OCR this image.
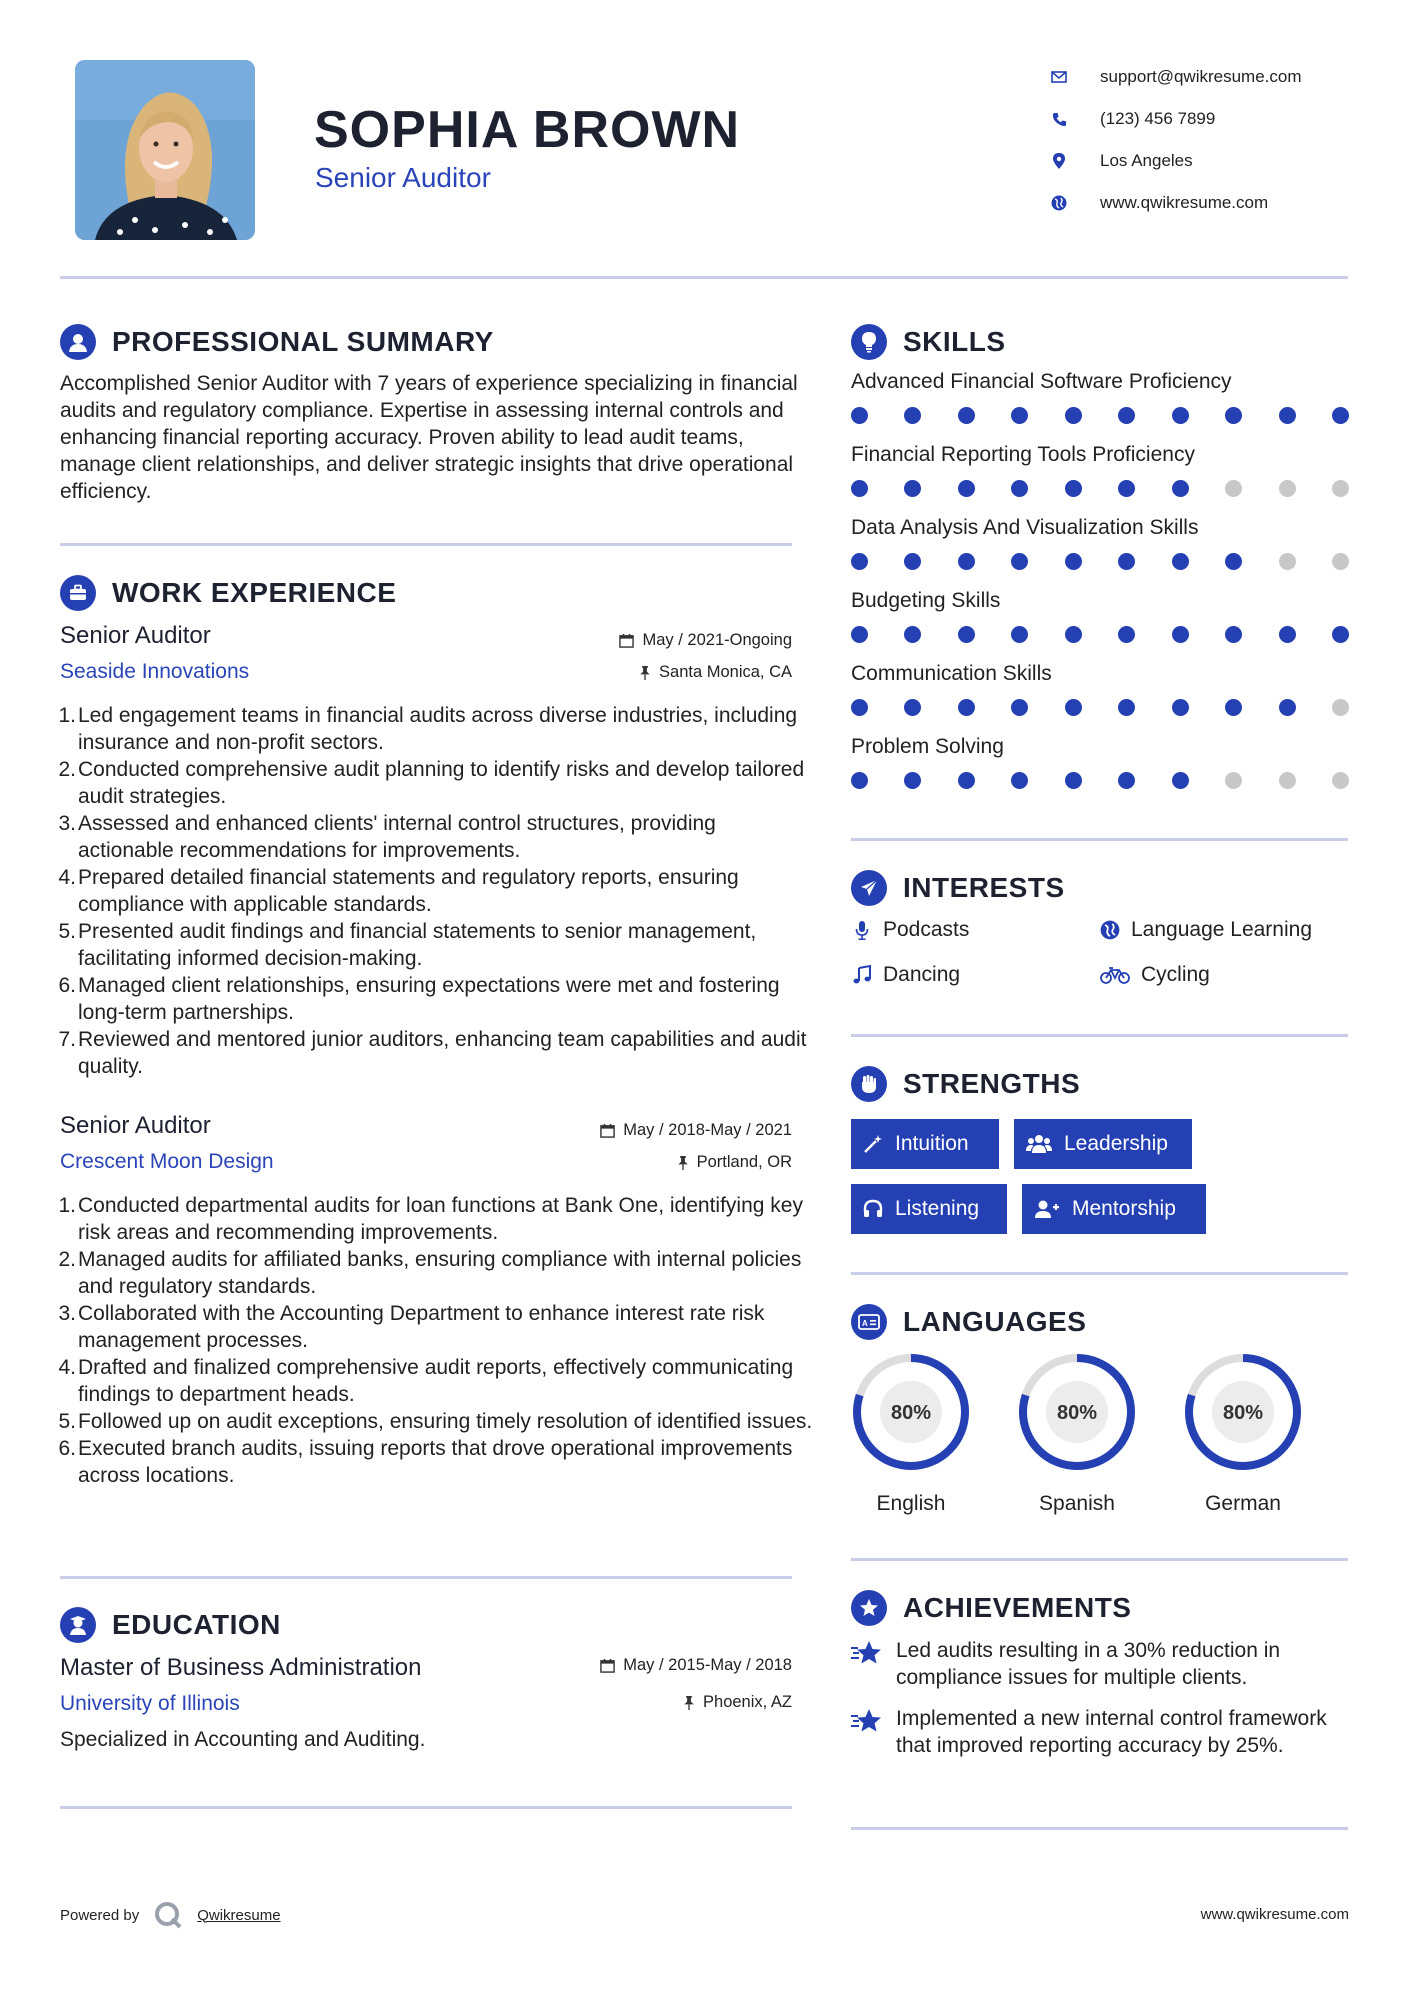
SOPHIA BROWN
Senior Auditor
support@qwikresume.com
(123) 456 7899
Los Angeles
www.qwikresume.com
PROFESSIONAL SUMMARY
Accomplished Senior Auditor with 7 years of experience specializing in financial audits and regulatory compliance. Expertise in assessing internal controls and enhancing financial reporting accuracy. Proven ability to lead audit teams, manage client relationships, and deliver strategic insights that drive operational efficiency.
WORK EXPERIENCE
Senior Auditor
Seaside Innovations
May / 2021-Ongoing
Santa Monica, CA
1. Led engagement teams in financial audits across diverse industries, including insurance and non-profit sectors.
2. Conducted comprehensive audit planning to identify risks and develop tailored audit strategies.
3. Assessed and enhanced clients' internal control structures, providing actionable recommendations for improvements.
4. Prepared detailed financial statements and regulatory reports, ensuring compliance with applicable standards.
5. Presented audit findings and financial statements to senior management, facilitating informed decision-making.
6. Managed client relationships, ensuring expectations were met and fostering long-term partnerships.
7. Reviewed and mentored junior auditors, enhancing team capabilities and audit quality.
Senior Auditor
Crescent Moon Design
May / 2018-May / 2021
Portland, OR
1. Conducted departmental audits for loan functions at Bank One, identifying key risk areas and recommending improvements.
2. Managed audits for affiliated banks, ensuring compliance with internal policies and regulatory standards.
3. Collaborated with the Accounting Department to enhance interest rate risk management processes.
4. Drafted and finalized comprehensive audit reports, effectively communicating findings to department heads.
5. Followed up on audit exceptions, ensuring timely resolution of identified issues.
6. Executed branch audits, issuing reports that drove operational improvements across locations.
EDUCATION
Master of Business Administration
University of Illinois
May / 2015-May / 2018
Phoenix, AZ
Specialized in Accounting and Auditing.
SKILLS
Advanced Financial Software Proficiency
Financial Reporting Tools Proficiency
Data Analysis And Visualization Skills
Budgeting Skills
Communication Skills
Problem Solving
INTERESTS
Podcasts	Language Learning
Dancing	Cycling
STRENGTHS
Intuition	Leadership
Listening	Mentorship
A LANGUAGES
80%
English
80%
Spanish
80%
German
ACHIEVEMENTS
Led audits resulting in a 30% reduction in compliance issues for multiple clients.
Implemented a new internal control framework that improved reporting accuracy by 25%.
Powered by	Qwikresume	www.qwikresume.com
